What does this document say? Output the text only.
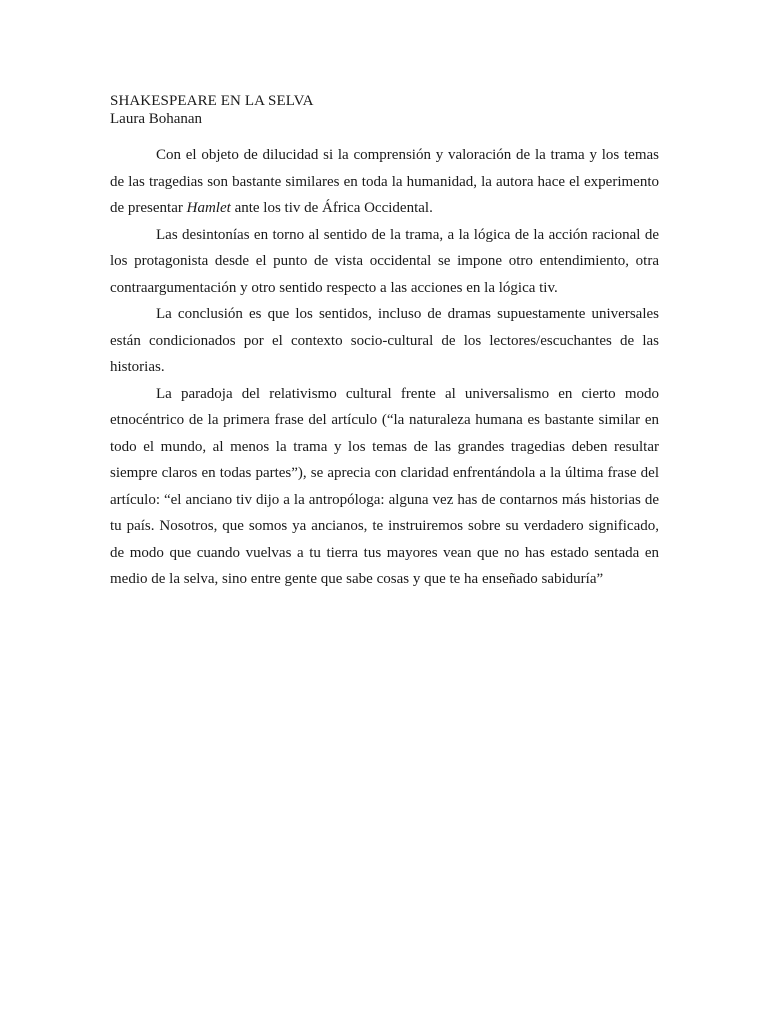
SHAKESPEARE EN LA SELVA

Laura Bohanan

Con el objeto de dilucidad si la comprensión y valoración de la trama y los temas de las tragedias son bastante similares en toda la humanidad, la autora hace el experimento de presentar Hamlet ante los tiv de África Occidental.

Las desintonías en torno al sentido de la trama, a la lógica de la acción racional de los protagonista desde el punto de vista occidental se impone otro entendimiento, otra contraargumentación y otro sentido respecto a las acciones en la lógica tiv.

La conclusión es que los sentidos, incluso de dramas supuestamente universales están condicionados por el contexto socio-cultural de los lectores/escuchantes de las historias.

La paradoja del relativismo cultural frente al universalismo en cierto modo etnocéntrico de la primera frase del artículo (“la naturaleza humana es bastante similar en todo el mundo, al menos la trama y los temas de las grandes tragedias deben resultar siempre claros en todas partes”), se aprecia con claridad enfrentándola a la última frase del artículo: “el anciano tiv dijo a la antropóloga: alguna vez has de contarnos más historias de tu país. Nosotros, que somos ya ancianos, te instruiremos sobre su verdadero significado, de modo que cuando vuelvas a tu tierra tus mayores vean que no has estado sentada en medio de la selva, sino entre gente que sabe cosas y que te ha enseñado sabiduría”
